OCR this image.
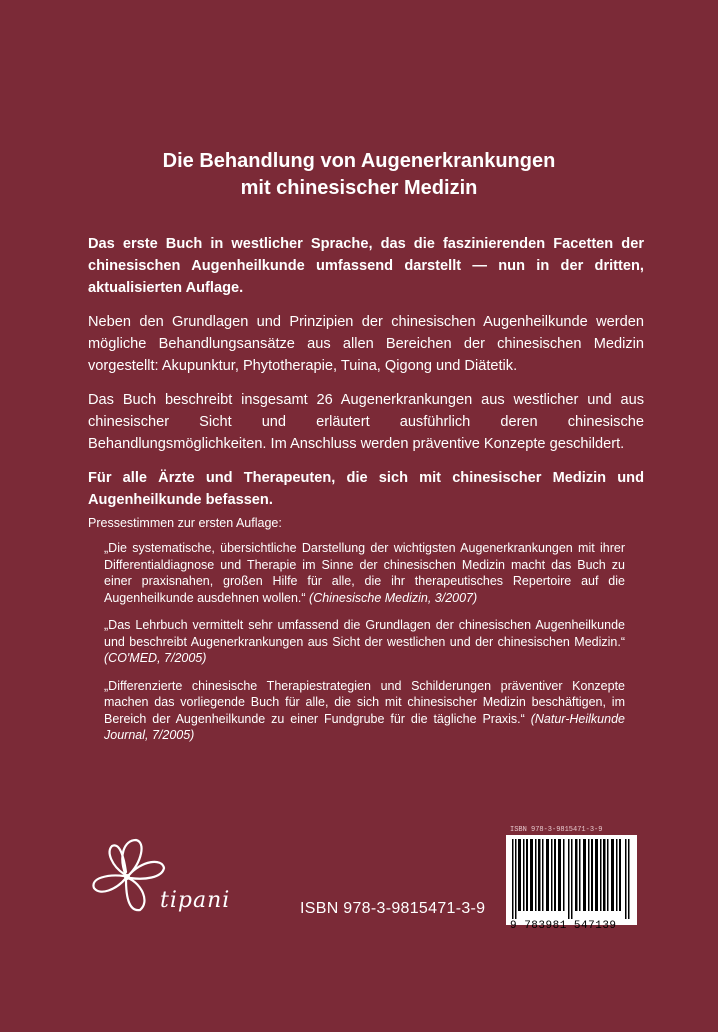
Die Behandlung von Augenerkrankungen
mit chinesischer Medizin

Das erste Buch in westlicher Sprache, das die faszinierenden Facetten der chinesischen Augenheilkunde umfassend darstellt — nun in der dritten, aktualisierten Auflage.

Neben den Grundlagen und Prinzipien der chinesischen Augenheilkunde werden mögliche Behandlungsansätze aus allen Bereichen der chinesischen Medizin vorgestellt: Akupunktur, Phytotherapie, Tuina, Qigong und Diätetik.

Das Buch beschreibt insgesamt 26 Augenerkrankungen aus westlicher und aus chinesischer Sicht und erläutert ausführlich deren chinesische Behandlungsmöglichkeiten. Im Anschluss werden präventive Konzepte geschildert.

Für alle Ärzte und Therapeuten, die sich mit chinesischer Medizin und Augenheilkunde befassen.

Pressestimmen zur ersten Auflage:

„Die systematische, übersichtliche Darstellung der wichtigsten Augenerkrankungen mit ihrer Differentialdiagnose und Therapie im Sinne der chinesischen Medizin macht das Buch zu einer praxisnahen, großen Hilfe für alle, die ihr therapeutisches Repertoire auf die Augenheilkunde ausdehnen wollen.“ (Chinesische Medizin, 3/2007)

„Das Lehrbuch vermittelt sehr umfassend die Grundlagen der chinesischen Augenheilkunde und beschreibt Augenerkrankungen aus Sicht der westlichen und der chinesischen Medizin.“ (CO'MED, 7/2005)

„Differenzierte chinesische Therapiestrategien und Schilderungen präventiver Konzepte machen das vorliegende Buch für alle, die sich mit chinesischer Medizin beschäftigen, im Bereich der Augenheilkunde zu einer Fundgrube für die tägliche Praxis.“ (Natur-Heilkunde Journal, 7/2005)

tipani	ISBN 978-3-9815471-3-9
ISBN 978-3-9815471-3-9
9 783981 547139
